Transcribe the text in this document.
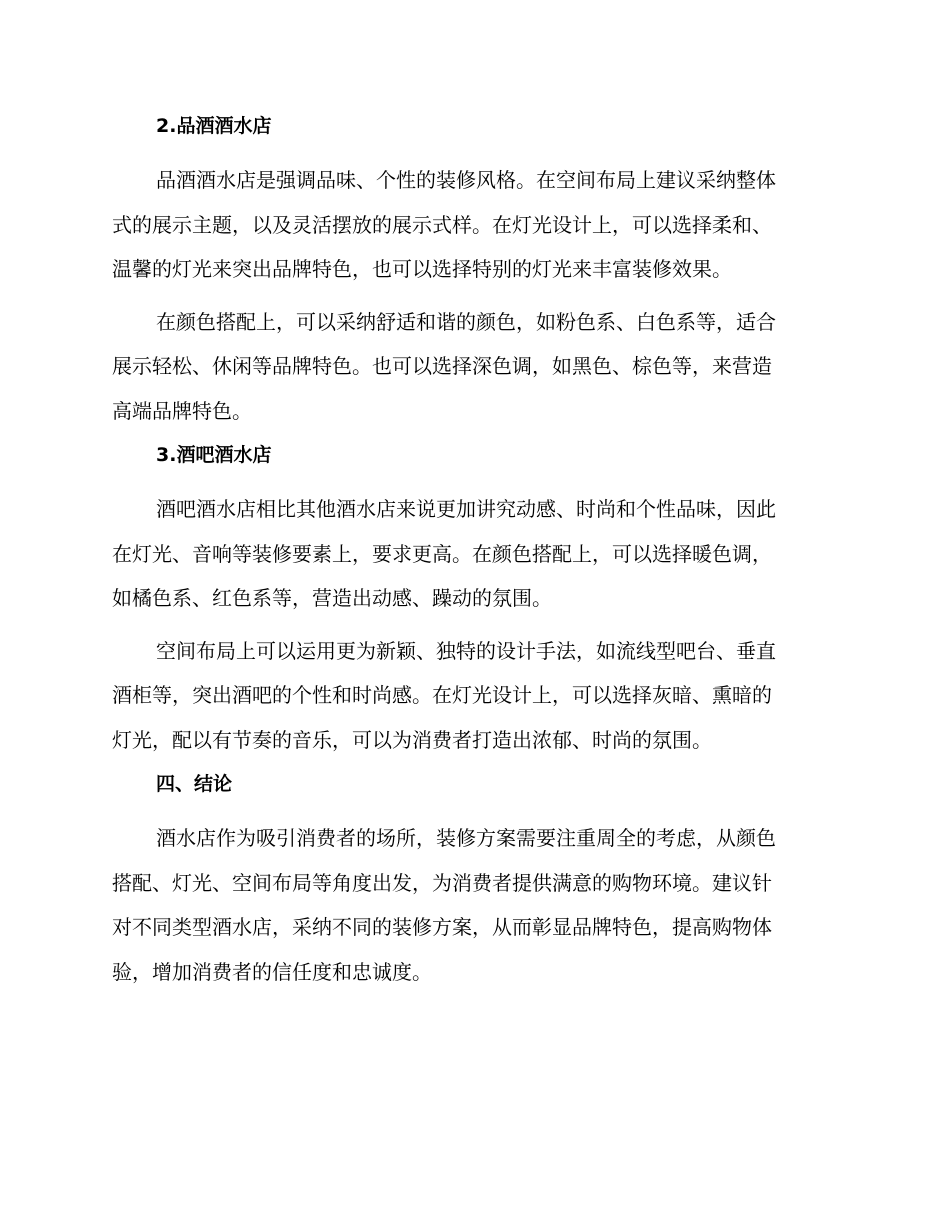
2.品酒酒水店
品酒酒水店是强调品味、个性的装修风格。在空间布局上建议采纳整体
式的展示主题，以及灵活摆放的展示式样。在灯光设计上，可以选择柔和、
温馨的灯光来突出品牌特色，也可以选择特别的灯光来丰富装修效果。
在颜色搭配上，可以采纳舒适和谐的颜色，如粉色系、白色系等，适合
展示轻松、休闲等品牌特色。也可以选择深色调，如黑色、棕色等，来营造
高端品牌特色。
3.酒吧酒水店
酒吧酒水店相比其他酒水店来说更加讲究动感、时尚和个性品味，因此
在灯光、音响等装修要素上，要求更高。在颜色搭配上，可以选择暖色调，
如橘色系、红色系等，营造出动感、躁动的氛围。
空间布局上可以运用更为新颖、独特的设计手法，如流线型吧台、垂直
酒柜等，突出酒吧的个性和时尚感。在灯光设计上，可以选择灰暗、熏暗的
灯光，配以有节奏的音乐，可以为消费者打造出浓郁、时尚的氛围。
四、结论
酒水店作为吸引消费者的场所，装修方案需要注重周全的考虑，从颜色
搭配、灯光、空间布局等角度出发，为消费者提供满意的购物环境。建议针
对不同类型酒水店，采纳不同的装修方案，从而彰显品牌特色，提高购物体
验，增加消费者的信任度和忠诚度。
